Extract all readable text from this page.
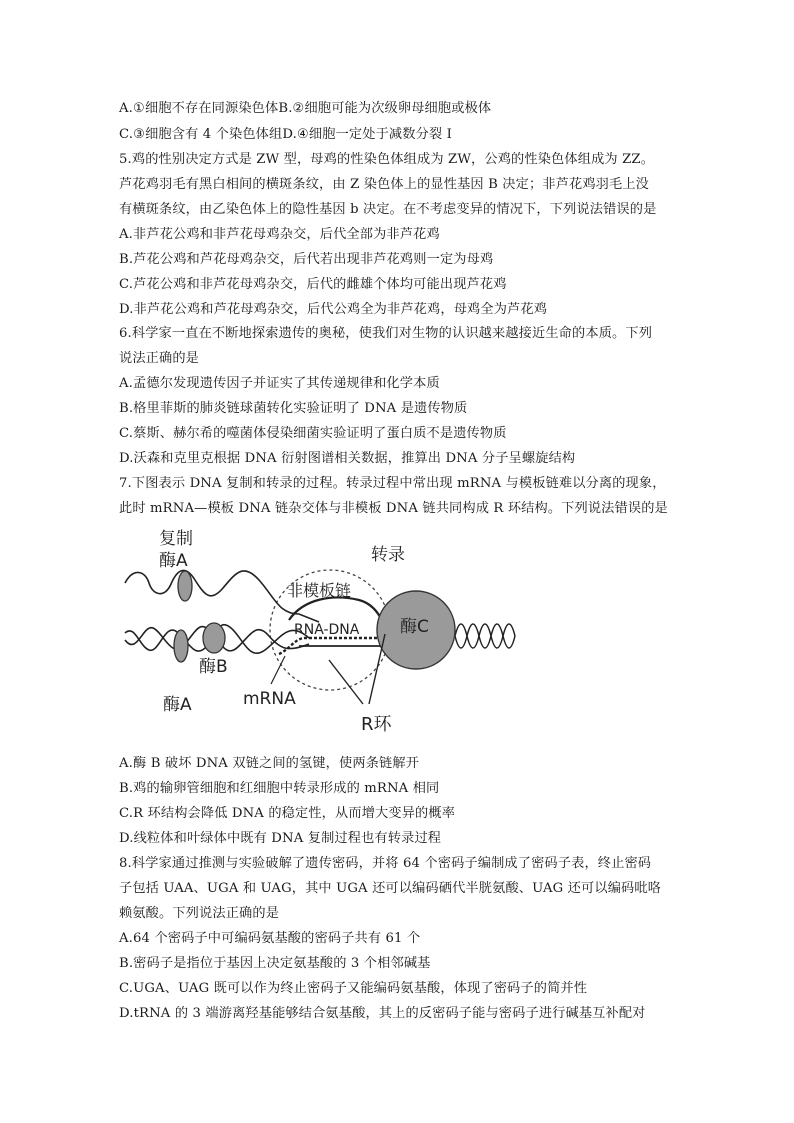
A.①细胞不存在同源染色体B.②细胞可能为次级卵母细胞或极体
C.③细胞含有 4 个染色体组D.④细胞一定处于减数分裂 I
5.鸡的性别决定方式是 ZW 型，母鸡的性染色体组成为 ZW，公鸡的性染色体组成为 ZZ。
芦花鸡羽毛有黑白相间的横斑条纹，由 Z 染色体上的显性基因 B 决定；非芦花鸡羽毛上没
有横斑条纹，由乙染色体上的隐性基因 b 决定。在不考虑变异的情况下，下列说法错误的是
A.非芦花公鸡和非芦花母鸡杂交，后代全部为非芦花鸡
B.芦花公鸡和芦花母鸡杂交，后代若出现非芦花鸡则一定为母鸡
C.芦花公鸡和非芦花母鸡杂交，后代的雌雄个体均可能出现芦花鸡
D.非芦花公鸡和芦花母鸡杂交，后代公鸡全为非芦花鸡，母鸡全为芦花鸡
6.科学家一直在不断地探索遗传的奥秘，使我们对生物的认识越来越接近生命的本质。下列
说法正确的是
A.孟德尔发现遗传因子并证实了其传递规律和化学本质
B.格里菲斯的肺炎链球菌转化实验证明了 DNA 是遗传物质
C.蔡斯、赫尔希的噬菌体侵染细菌实验证明了蛋白质不是遗传物质
D.沃森和克里克根据 DNA 衍射图谱相关数据，推算出 DNA 分子呈螺旋结构
7.下图表示 DNA 复制和转录的过程。转录过程中常出现 mRNA 与模板链难以分离的现象，
此时 mRNA—模板 DNA 链杂交体与非模板 DNA 链共同构成 R 环结构。下列说法错误的是
复制
酶A	转录
非模板链
RNA-DNA 酶C
酶B
mRNA
酶A
R环
A.酶 B 破坏 DNA 双链之间的氢键，使两条链解开
B.鸡的输卵管细胞和红细胞中转录形成的 mRNA 相同
C.R 环结构会降低 DNA 的稳定性，从而增大变异的概率
D.线粒体和叶绿体中既有 DNA 复制过程也有转录过程
8.科学家通过推测与实验破解了遗传密码，并将 64 个密码子编制成了密码子表，终止密码
子包括 UAA、UGA 和 UAG，其中 UGA 还可以编码硒代半胱氨酸、UAG 还可以编码吡咯
赖氨酸。下列说法正确的是
A.64 个密码子中可编码氨基酸的密码子共有 61 个
B.密码子是指位于基因上决定氨基酸的 3 个相邻碱基
C.UGA、UAG 既可以作为终止密码子又能编码氨基酸，体现了密码子的简并性
D.tRNA 的 3 端游离羟基能够结合氨基酸，其上的反密码子能与密码子进行碱基互补配对
